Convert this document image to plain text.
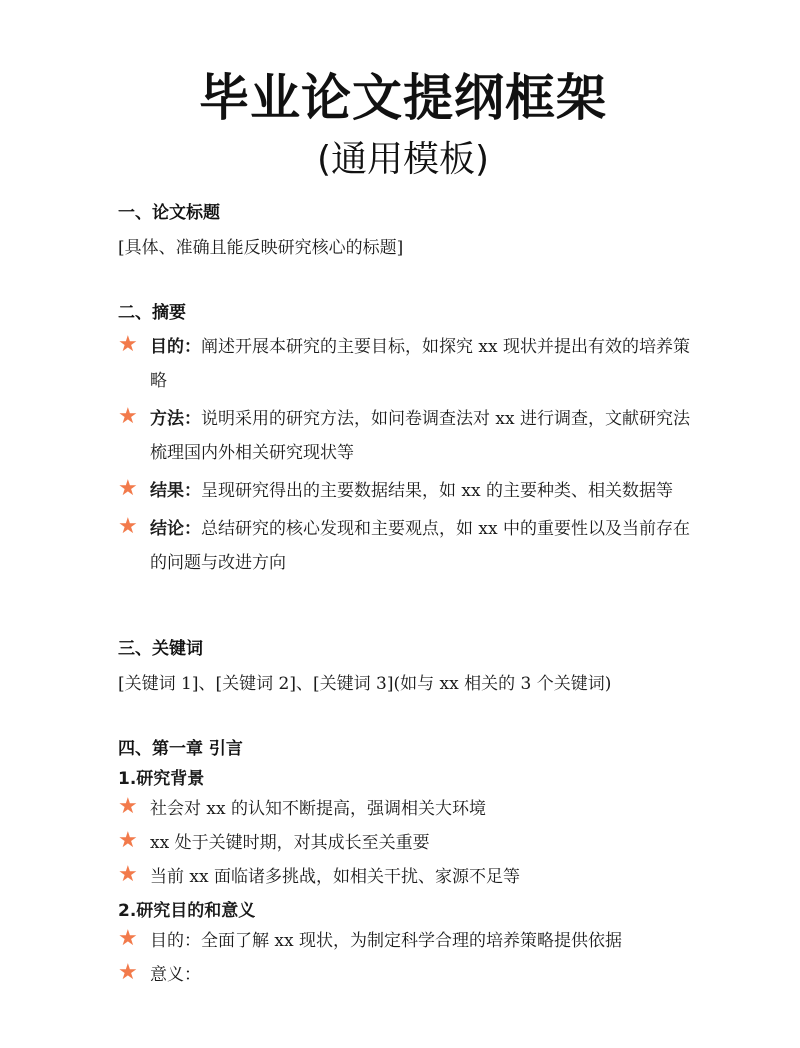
毕业论文提纲框架
(通用模板)
一、论文标题
[具体、准确且能反映研究核心的标题]
二、摘要
★ 目的：阐述开展本研究的主要目标，如探究 xx 现状并提出有效的培养策略
★ 方法：说明采用的研究方法，如问卷调查法对 xx 进行调查，文献研究法梳理国内外相关研究现状等
★ 结果：呈现研究得出的主要数据结果，如 xx 的主要种类、相关数据等
★ 结论：总结研究的核心发现和主要观点，如 xx 中的重要性以及当前存在的问题与改进方向
三、关键词
[关键词 1]、[关键词 2]、[关键词 3](如与 xx 相关的 3 个关键词)
四、第一章 引言
1.研究背景
★ 社会对 xx 的认知不断提高，强调相关大环境
★ xx 处于关键时期，对其成长至关重要
★ 当前 xx 面临诸多挑战，如相关干扰、家源不足等
2.研究目的和意义
★ 目的：全面了解 xx 现状，为制定科学合理的培养策略提供依据
★ 意义：
